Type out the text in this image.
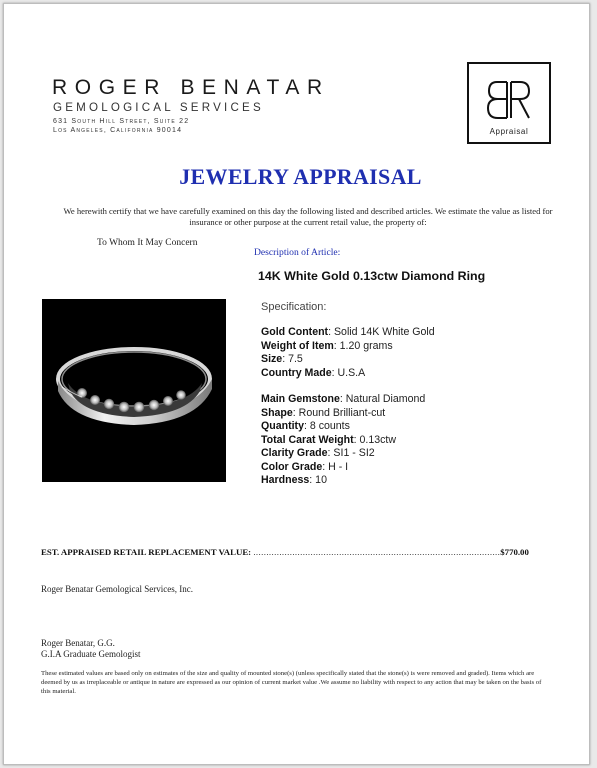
ROGER BENATAR
GEMOLOGICAL SERVICES
631 South Hill Street, Suite 22
Los Angeles, California 90014	Appraisal
JEWELRY APPRAISAL
We herewith certify that we have carefully examined on this day the following listed and described articles. We estimate the value as listed for insurance or other purpose at the current retail value, the property of:
To Whom It May Concern
Description of Article:
14K White Gold 0.13ctw Diamond Ring
Specification:
Gold Content: Solid 14K White Gold
Weight of Item: 1.20 grams
Size: 7.5
Country Made: U.S.A
Main Gemstone: Natural Diamond
Shape: Round Brilliant-cut
Quantity: 8 counts
Total Carat Weight: 0.13ctw
Clarity Grade: SI1 - SI2
Color Grade: H - I
Hardness: 10
EST. APPRAISED RETAIL REPLACEMENT VALUE:
............................................................................................... $770.00
Roger Benatar Gemological Services, Inc.
Roger Benatar, G.G.
G.I.A Graduate Gemologist
These estimated values are based only on estimates of the size and quality of mounted stone(s) (unless specifically stated that the stone(s) is were removed and graded). Items which are deemed by us as irreplaceable or antique in nature are expressed as our opinion of current market value .We assume no liability with respect to any action that may be taken on the basis of this material.
